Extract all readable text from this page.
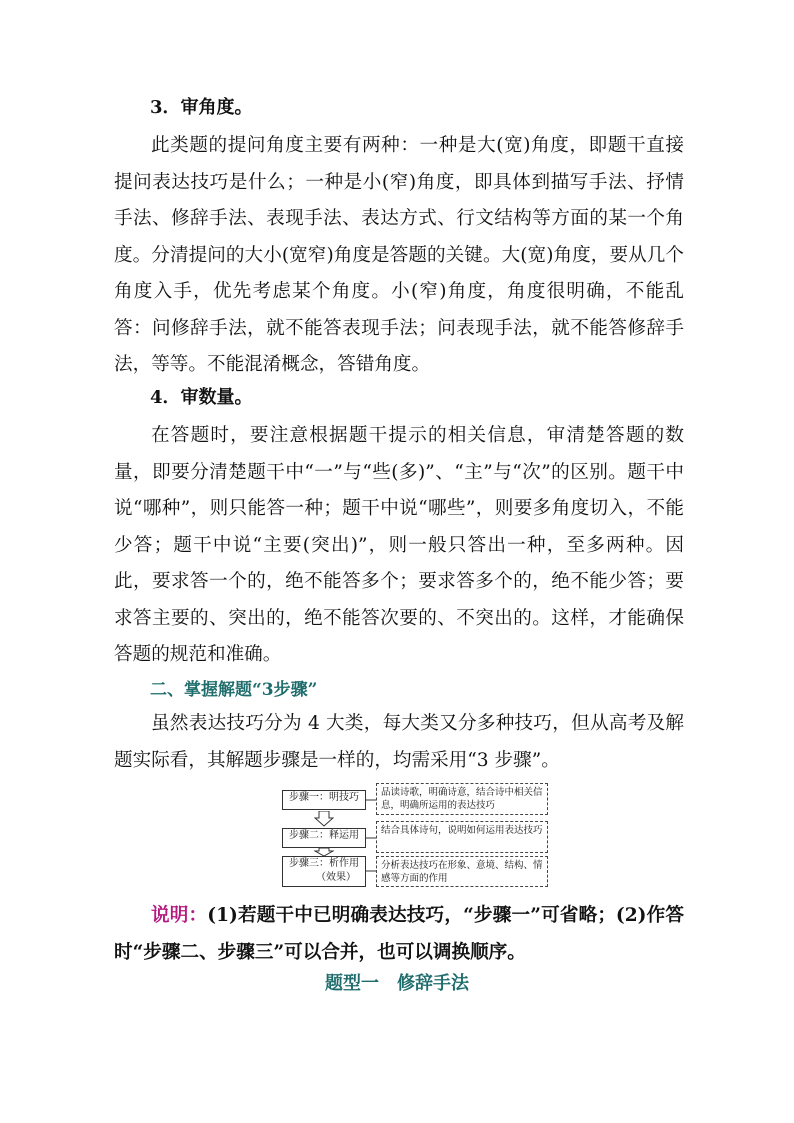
3．审角度。

此类题的提问角度主要有两种：一种是大(宽)角度，即题干直接提问表达技巧是什么；一种是小(窄)角度，即具体到描写手法、抒情手法、修辞手法、表现手法、表达方式、行文结构等方面的某一个角度。分清提问的大小(宽窄)角度是答题的关键。大(宽)角度，要从几个角度入手，优先考虑某个角度。小(窄)角度，角度很明确，不能乱答：问修辞手法，就不能答表现手法；问表现手法，就不能答修辞手法，等等。不能混淆概念，答错角度。

4．审数量。

在答题时，要注意根据题干提示的相关信息，审清楚答题的数量，即要分清楚题干中“一”与“些(多)”、“主”与“次”的区别。题干中说“哪种”，则只能答一种；题干中说“哪些”，则要多角度切入，不能少答；题干中说“主要(突出)”，则一般只答出一种，至多两种。因此，要求答一个的，绝不能答多个；要求答多个的，绝不能少答；要求答主要的、突出的，绝不能答次要的、不突出的。这样，才能确保答题的规范和准确。

二、掌握解题“3步骤”

虽然表达技巧分为 4 大类，每大类又分多种技巧，但从高考及解题实际看，其解题步骤是一样的，均需采用“3 步骤”。

步骤一：明技巧	品读诗歌，明确诗意，结合诗中相关信息，明确所运用的表达技巧
步骤二：释运用	结合具体诗句，说明如何运用表达技巧
步骤三：析作用
（效果）
分析表达技巧在形象、意境、结构、情感等方面的作用

说明：(1)若题干中已明确表达技巧，“步骤一”可省略；(2)作答时“步骤二、步骤三”可以合并，也可以调换顺序。

题型一　修辞手法
